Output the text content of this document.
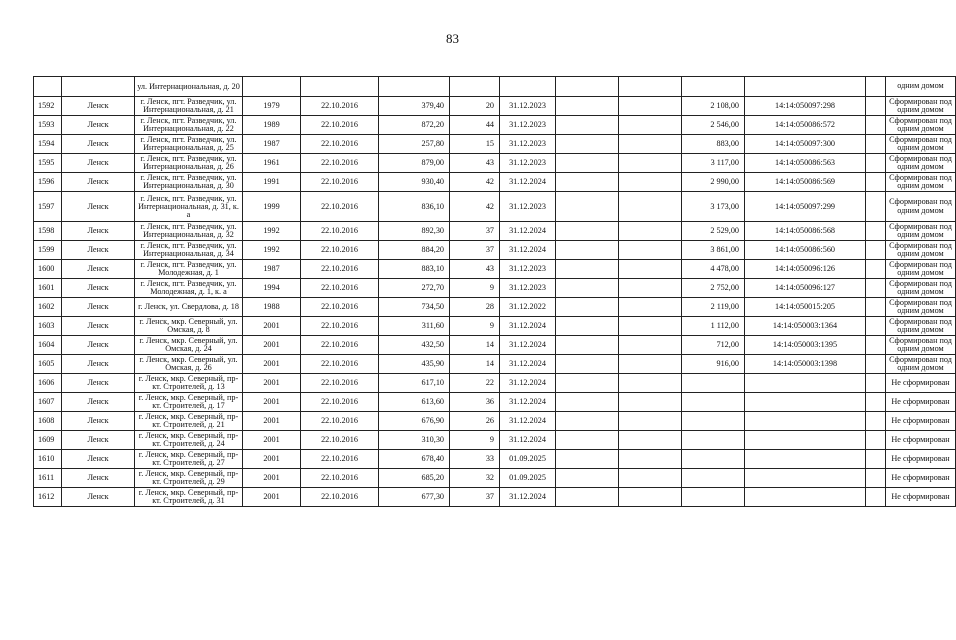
83
		ул. Интернациональная, д. 20											одним домом
1592	Ленск	г. Ленск, пгт. Разведчик, ул. Интернациональная, д. 21	1979	22.10.2016	379,40	20	31.12.2023			2 108,00	14:14:050097:298		Сформирован под одним домом
1593	Ленск	г. Ленск, пгт. Разведчик, ул. Интернациональная, д. 22	1989	22.10.2016	872,20	44	31.12.2023			2 546,00	14:14:050086:572		Сформирован под одним домом
1594	Ленск	г. Ленск, пгт. Разведчик, ул. Интернациональная, д. 25	1987	22.10.2016	257,80	15	31.12.2023			883,00	14:14:050097:300		Сформирован под одним домом
1595	Ленск	г. Ленск, пгт. Разведчик, ул. Интернациональная, д. 26	1961	22.10.2016	879,00	43	31.12.2023			3 117,00	14:14:050086:563		Сформирован под одним домом
1596	Ленск	г. Ленск, пгт. Разведчик, ул. Интернациональная, д. 30	1991	22.10.2016	930,40	42	31.12.2024			2 990,00	14:14:050086:569		Сформирован под одним домом
1597	Ленск	г. Ленск, пгт. Разведчик, ул. Интернациональная, д. 31, к. а	1999	22.10.2016	836,10	42	31.12.2023			3 173,00	14:14:050097:299		Сформирован под одним домом
1598	Ленск	г. Ленск, пгт. Разведчик, ул. Интернациональная, д. 32	1992	22.10.2016	892,30	37	31.12.2024			2 529,00	14:14:050086:568		Сформирован под одним домом
1599	Ленск	г. Ленск, пгт. Разведчик, ул. Интернациональная, д. 34	1992	22.10.2016	884,20	37	31.12.2024			3 861,00	14:14:050086:560		Сформирован под одним домом
1600	Ленск	г. Ленск, пгт. Разведчик, ул. Молодежная, д. 1	1987	22.10.2016	883,10	43	31.12.2023			4 478,00	14:14:050096:126		Сформирован под одним домом
1601	Ленск	г. Ленск, пгт. Разведчик, ул. Молодежная, д. 1, к. а	1994	22.10.2016	272,70	9	31.12.2023			2 752,00	14:14:050096:127		Сформирован под одним домом
1602	Ленск	г. Ленск, ул. Свердлова, д. 18	1988	22.10.2016	734,50	28	31.12.2022			2 119,00	14:14:050015:205		Сформирован под одним домом
1603	Ленск	г. Ленск, мкр. Северный, ул. Омская, д. 8	2001	22.10.2016	311,60	9	31.12.2024			1 112,00	14:14:050003:1364		Сформирован под одним домом
1604	Ленск	г. Ленск, мкр. Северный, ул. Омская, д. 24	2001	22.10.2016	432,50	14	31.12.2024			712,00	14:14:050003:1395		Сформирован под одним домом
1605	Ленск	г. Ленск, мкр. Северный, ул. Омская, д. 26	2001	22.10.2016	435,90	14	31.12.2024			916,00	14:14:050003:1398		Сформирован под одним домом
1606	Ленск	г. Ленск, мкр. Северный, пр-кт. Строителей, д. 13	2001	22.10.2016	617,10	22	31.12.2024						Не сформирован
1607	Ленск	г. Ленск, мкр. Северный, пр-кт. Строителей, д. 17	2001	22.10.2016	613,60	36	31.12.2024						Не сформирован
1608	Ленск	г. Ленск, мкр. Северный, пр-кт. Строителей, д. 21	2001	22.10.2016	676,90	26	31.12.2024						Не сформирован
1609	Ленск	г. Ленск, мкр. Северный, пр-кт. Строителей, д. 24	2001	22.10.2016	310,30	9	31.12.2024						Не сформирован
1610	Ленск	г. Ленск, мкр. Северный, пр-кт. Строителей, д. 27	2001	22.10.2016	678,40	33	01.09.2025						Не сформирован
1611	Ленск	г. Ленск, мкр. Северный, пр-кт. Строителей, д. 29	2001	22.10.2016	685,20	32	01.09.2025						Не сформирован
1612	Ленск	г. Ленск, мкр. Северный, пр-кт. Строителей, д. 31	2001	22.10.2016	677,30	37	31.12.2024						Не сформирован
